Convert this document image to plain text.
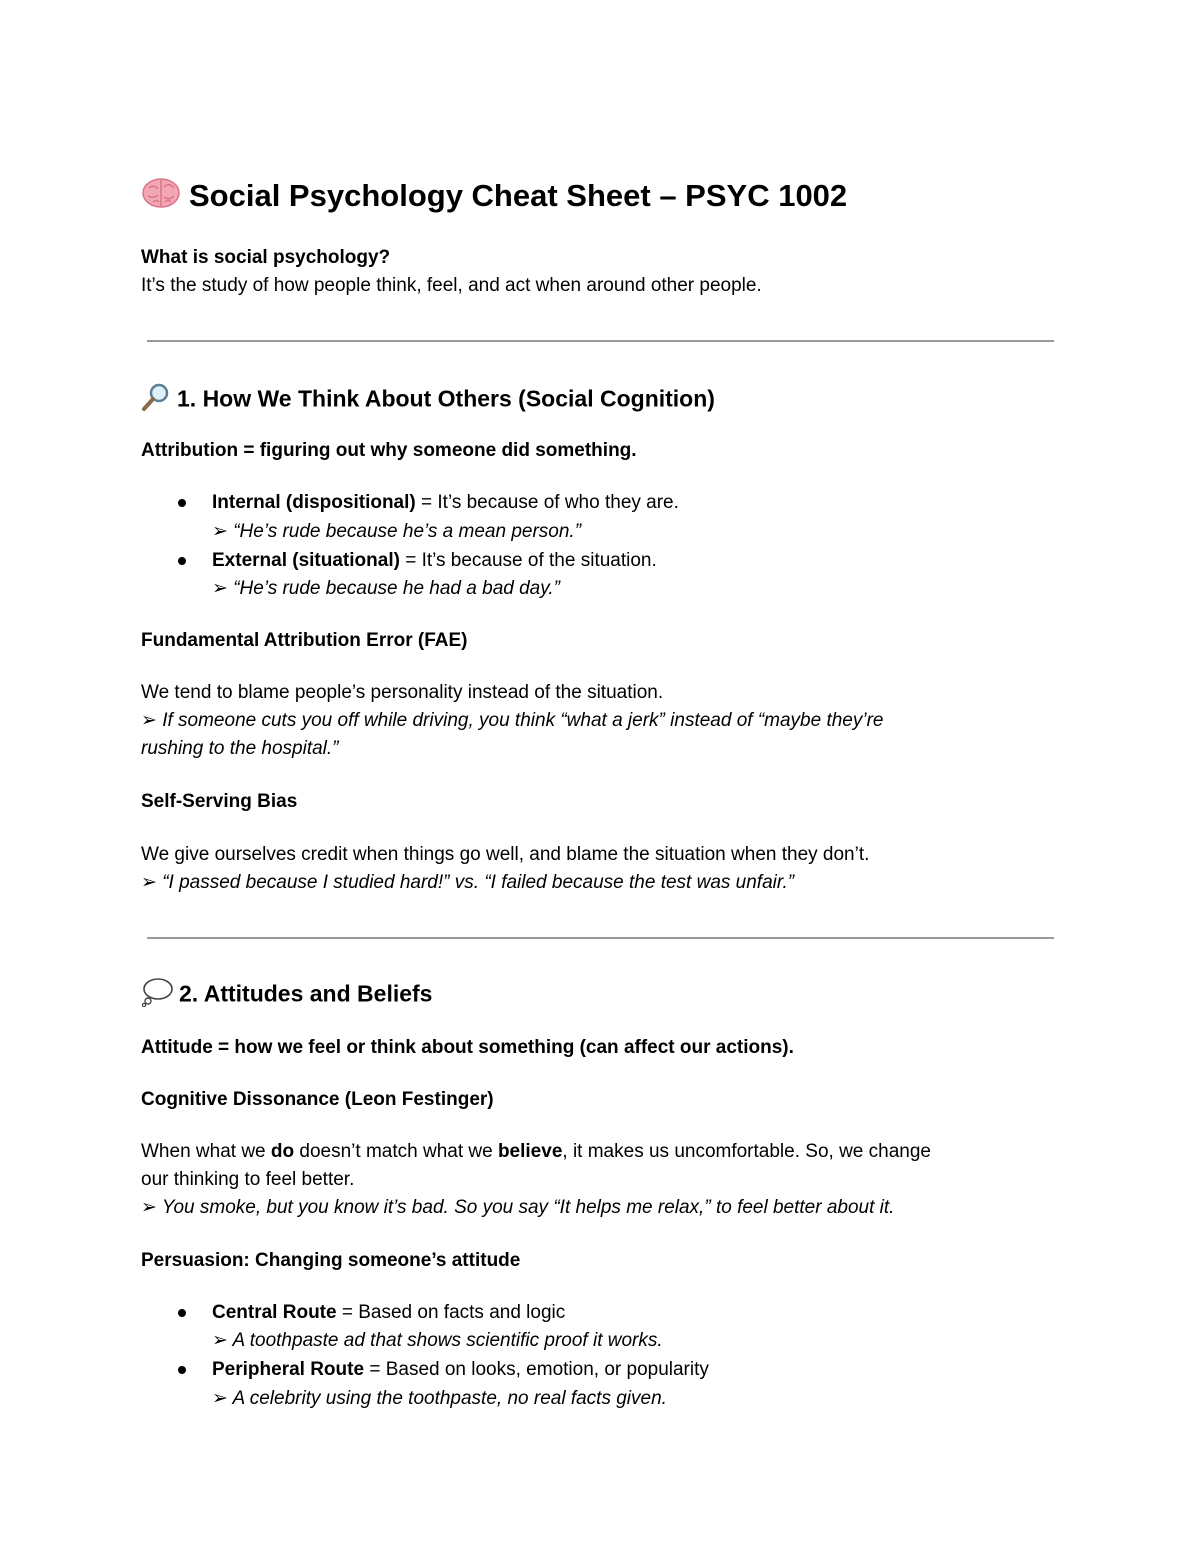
Social Psychology Cheat Sheet – PSYC 1002
What is social psychology?
It’s the study of how people think, feel, and act when around other people.
1. How We Think About Others (Social Cognition)
Attribution = figuring out why someone did something.
Internal (dispositional) = It’s because of who they are.
➢ “He’s rude because he’s a mean person.”
External (situational) = It’s because of the situation.
➢ “He’s rude because he had a bad day.”
Fundamental Attribution Error (FAE)
We tend to blame people’s personality instead of the situation.
➢ If someone cuts you off while driving, you think “what a jerk” instead of “maybe they’re
rushing to the hospital.”
Self-Serving Bias
We give ourselves credit when things go well, and blame the situation when they don’t.
➢ “I passed because I studied hard!” vs. “I failed because the test was unfair.”
2. Attitudes and Beliefs
Attitude = how we feel or think about something (can affect our actions).
Cognitive Dissonance (Leon Festinger)
When what we do doesn’t match what we believe, it makes us uncomfortable. So, we change
our thinking to feel better.
➢ You smoke, but you know it’s bad. So you say “It helps me relax,” to feel better about it.
Persuasion: Changing someone’s attitude
Central Route = Based on facts and logic
➢ A toothpaste ad that shows scientific proof it works.
Peripheral Route = Based on looks, emotion, or popularity
➢ A celebrity using the toothpaste, no real facts given.
